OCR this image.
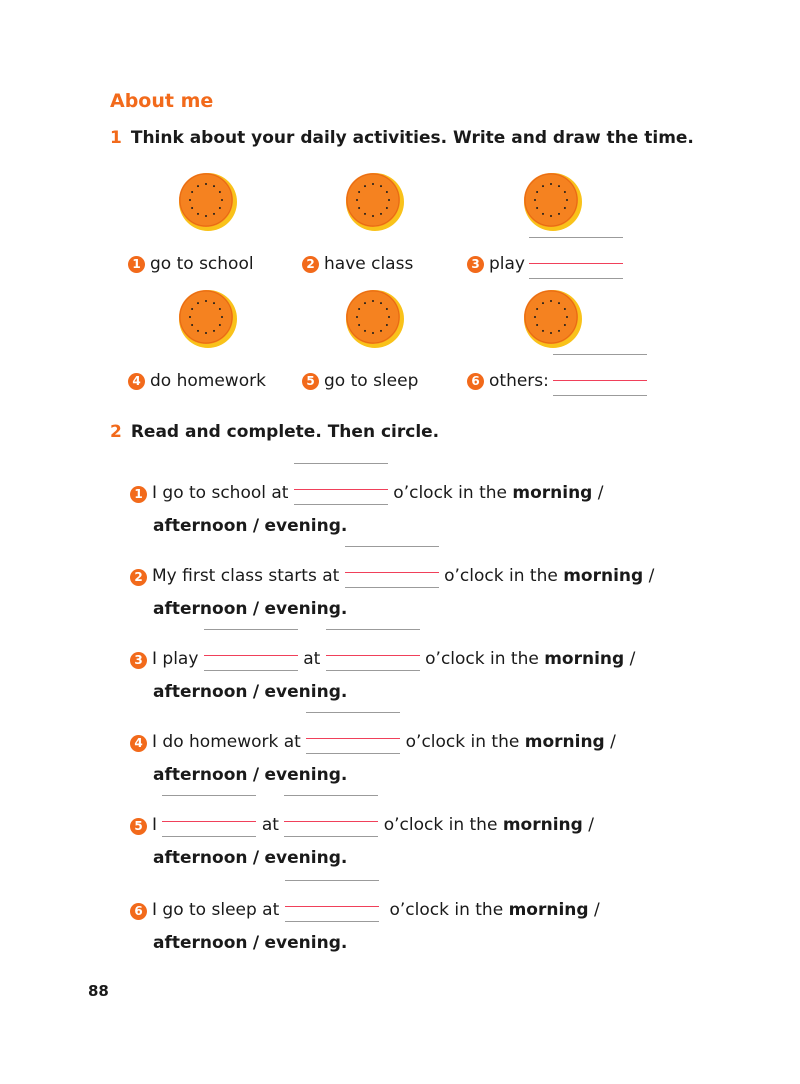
About me
1 Think about your daily activities. Write and draw the time.
1 go to school	2 have class	3 play
4 do homework	5 go to sleep	6 others:
2 Read and complete. Then circle.
1 I go to school at	o’clock in the morning /
afternoon / evening.
2 My first class starts at	o’clock in the morning /
afternoon / evening.
3 I play	at	o’clock in the morning /
afternoon / evening.
4 I do homework at	o’clock in the morning /
afternoon / evening.
5 I	at	o’clock in the morning /
afternoon / evening.
6 I go to sleep at	o’clock in the morning /
afternoon / evening.
88
